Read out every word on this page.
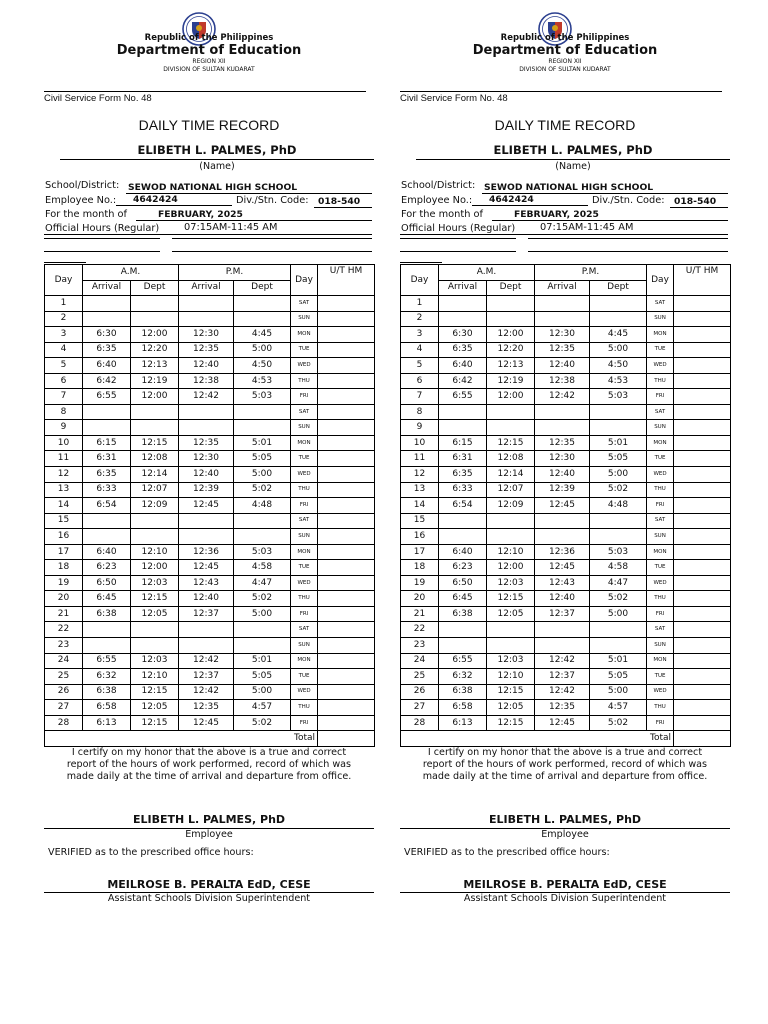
Republic of the Philippines
Department of Education
REGION XII
DIVISION OF SULTAN KUDARAT
Civil Service Form No. 48
DAILY TIME RECORD
ELIBETH L. PALMES, PhD
(Name)
School/District: SEWOD NATIONAL HIGH SCHOOL
Employee No.: 4642424	Div./Stn. Code: 018-540
For the month of	FEBRUARY, 2025
Official Hours (Regular)	07:15AM-11:45 AM
Day	A.M.		P.M.		Day	U/T HM
	Arrival	Dept	Arrival	Dept		
1					SAT	
2					SUN	
3	6:30	12:00	12:30	4:45	MON	
4	6:35	12:20	12:35	5:00	TUE	
5	6:40	12:13	12:40	4:50	WED	
6	6:42	12:19	12:38	4:53	THU	
7	6:55	12:00	12:42	5:03	FRI	
8					SAT	
9					SUN	
10	6:15	12:15	12:35	5:01	MON	
11	6:31	12:08	12:30	5:05	TUE	
12	6:35	12:14	12:40	5:00	WED	
13	6:33	12:07	12:39	5:02	THU	
14	6:54	12:09	12:45	4:48	FRI	
15					SAT	
16					SUN	
17	6:40	12:10	12:36	5:03	MON	
18	6:23	12:00	12:45	4:58	TUE	
19	6:50	12:03	12:43	4:47	WED	
20	6:45	12:15	12:40	5:02	THU	
21	6:38	12:05	12:37	5:00	FRI	
22					SAT	
23					SUN	
24	6:55	12:03	12:42	5:01	MON	
25	6:32	12:10	12:37	5:05	TUE	
26	6:38	12:15	12:42	5:00	WED	
27	6:58	12:05	12:35	4:57	THU	
28	6:13	12:15	12:45	5:02	FRI	
Total						
I certify on my honor that the above is a true and correct
report of the hours of work performed, record of which was
made daily at the time of arrival and departure from office.
ELIBETH L. PALMES, PhD
Employee
VERIFIED as to the prescribed office hours:
MEILROSE B. PERALTA EdD, CESE
Assistant Schools Division Superintendent
Republic of the Philippines
Department of Education
REGION XII
DIVISION OF SULTAN KUDARAT
Civil Service Form No. 48
DAILY TIME RECORD
ELIBETH L. PALMES, PhD
(Name)
School/District: SEWOD NATIONAL HIGH SCHOOL
Employee No.: 4642424	Div./Stn. Code: 018-540
For the month of	FEBRUARY, 2025
Official Hours (Regular)	07:15AM-11:45 AM
Day	A.M.		P.M.		Day	U/T HM
	Arrival	Dept	Arrival	Dept		
1					SAT	
2					SUN	
3	6:30	12:00	12:30	4:45	MON	
4	6:35	12:20	12:35	5:00	TUE	
5	6:40	12:13	12:40	4:50	WED	
6	6:42	12:19	12:38	4:53	THU	
7	6:55	12:00	12:42	5:03	FRI	
8					SAT	
9					SUN	
10	6:15	12:15	12:35	5:01	MON	
11	6:31	12:08	12:30	5:05	TUE	
12	6:35	12:14	12:40	5:00	WED	
13	6:33	12:07	12:39	5:02	THU	
14	6:54	12:09	12:45	4:48	FRI	
15					SAT	
16					SUN	
17	6:40	12:10	12:36	5:03	MON	
18	6:23	12:00	12:45	4:58	TUE	
19	6:50	12:03	12:43	4:47	WED	
20	6:45	12:15	12:40	5:02	THU	
21	6:38	12:05	12:37	5:00	FRI	
22					SAT	
23					SUN	
24	6:55	12:03	12:42	5:01	MON	
25	6:32	12:10	12:37	5:05	TUE	
26	6:38	12:15	12:42	5:00	WED	
27	6:58	12:05	12:35	4:57	THU	
28	6:13	12:15	12:45	5:02	FRI	
Total						
I certify on my honor that the above is a true and correct
report of the hours of work performed, record of which was
made daily at the time of arrival and departure from office.
ELIBETH L. PALMES, PhD
Employee
VERIFIED as to the prescribed office hours:
MEILROSE B. PERALTA EdD, CESE
Assistant Schools Division Superintendent
